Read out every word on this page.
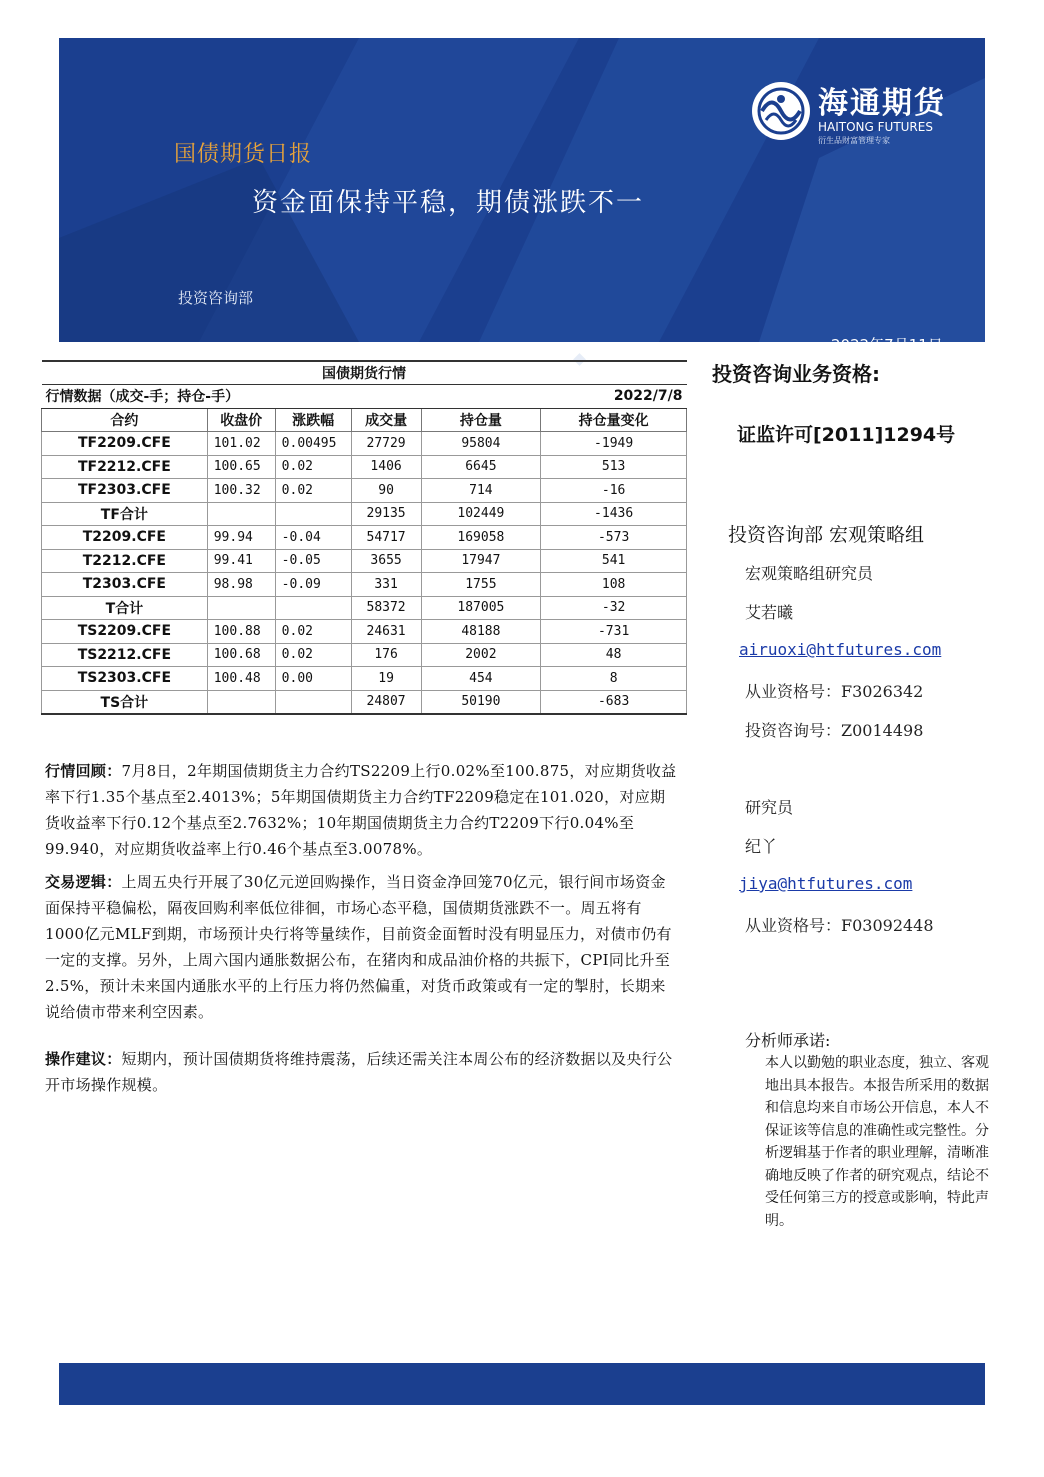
国债期货日报
资金面保持平稳，期债涨跌不一
投资咨询部
2022年7月11日
海通期货
HAITONG FUTURES
衍生品财富管理专家
国债期货行情					
行情数据（成交-手；持仓-手）				2022/7/8	
合约	收盘价	涨跌幅	成交量	持仓量	持仓量变化
TF2209.CFE	101.02	0.00495	27729	95804	-1949
TF2212.CFE	100.65	0.02	1406	6645	513
TF2303.CFE	100.32	0.02	90	714	-16
TF合计			29135	102449	-1436
T2209.CFE	99.94	-0.04	54717	169058	-573
T2212.CFE	99.41	-0.05	3655	17947	541
T2303.CFE	98.98	-0.09	331	1755	108
T合计			58372	187005	-32
TS2209.CFE	100.88	0.02	24631	48188	-731
TS2212.CFE	100.68	0.02	176	2002	48
TS2303.CFE	100.48	0.00	19	454	8
TS合计			24807	50190	-683
行情回顾：7月8日，2年期国债期货主力合约TS2209上行0.02%至100.875，对应期货收益率下行1.35个基点至2.4013%；5年期国债期货主力合约TF2209稳定在101.020，对应期货收益率下行0.12个基点至2.7632%；10年期国债期货主力合约T2209下行0.04%至99.940，对应期货收益率上行0.46个基点至3.0078%。
交易逻辑：上周五央行开展了30亿元逆回购操作，当日资金净回笼70亿元，银行间市场资金面保持平稳偏松，隔夜回购利率低位徘徊，市场心态平稳，国债期货涨跌不一。周五将有1000亿元MLF到期，市场预计央行将等量续作，目前资金面暂时没有明显压力，对债市仍有一定的支撑。另外，上周六国内通胀数据公布，在猪肉和成品油价格的共振下，CPI同比升至2.5%，预计未来国内通胀水平的上行压力将仍然偏重，对货币政策或有一定的掣肘，长期来说给债市带来利空因素。
操作建议：短期内，预计国债期货将维持震荡，后续还需关注本周公布的经济数据以及央行公开市场操作规模。
投资咨询业务资格:
证监许可[2011]1294号
投资咨询部 宏观策略组
宏观策略组研究员
艾若曦
airuoxi@htfutures.com
从业资格号：F3026342
投资咨询号：Z0014498
研究员
纪丫
jiya@htfutures.com
从业资格号：F03092448
分析师承诺:
本人以勤勉的职业态度，独立、客观地出具本报告。本报告所采用的数据和信息均来自市场公开信息，本人不保证该等信息的准确性或完整性。分析逻辑基于作者的职业理解，清晰准确地反映了作者的研究观点，结论不受任何第三方的授意或影响，特此声明。
